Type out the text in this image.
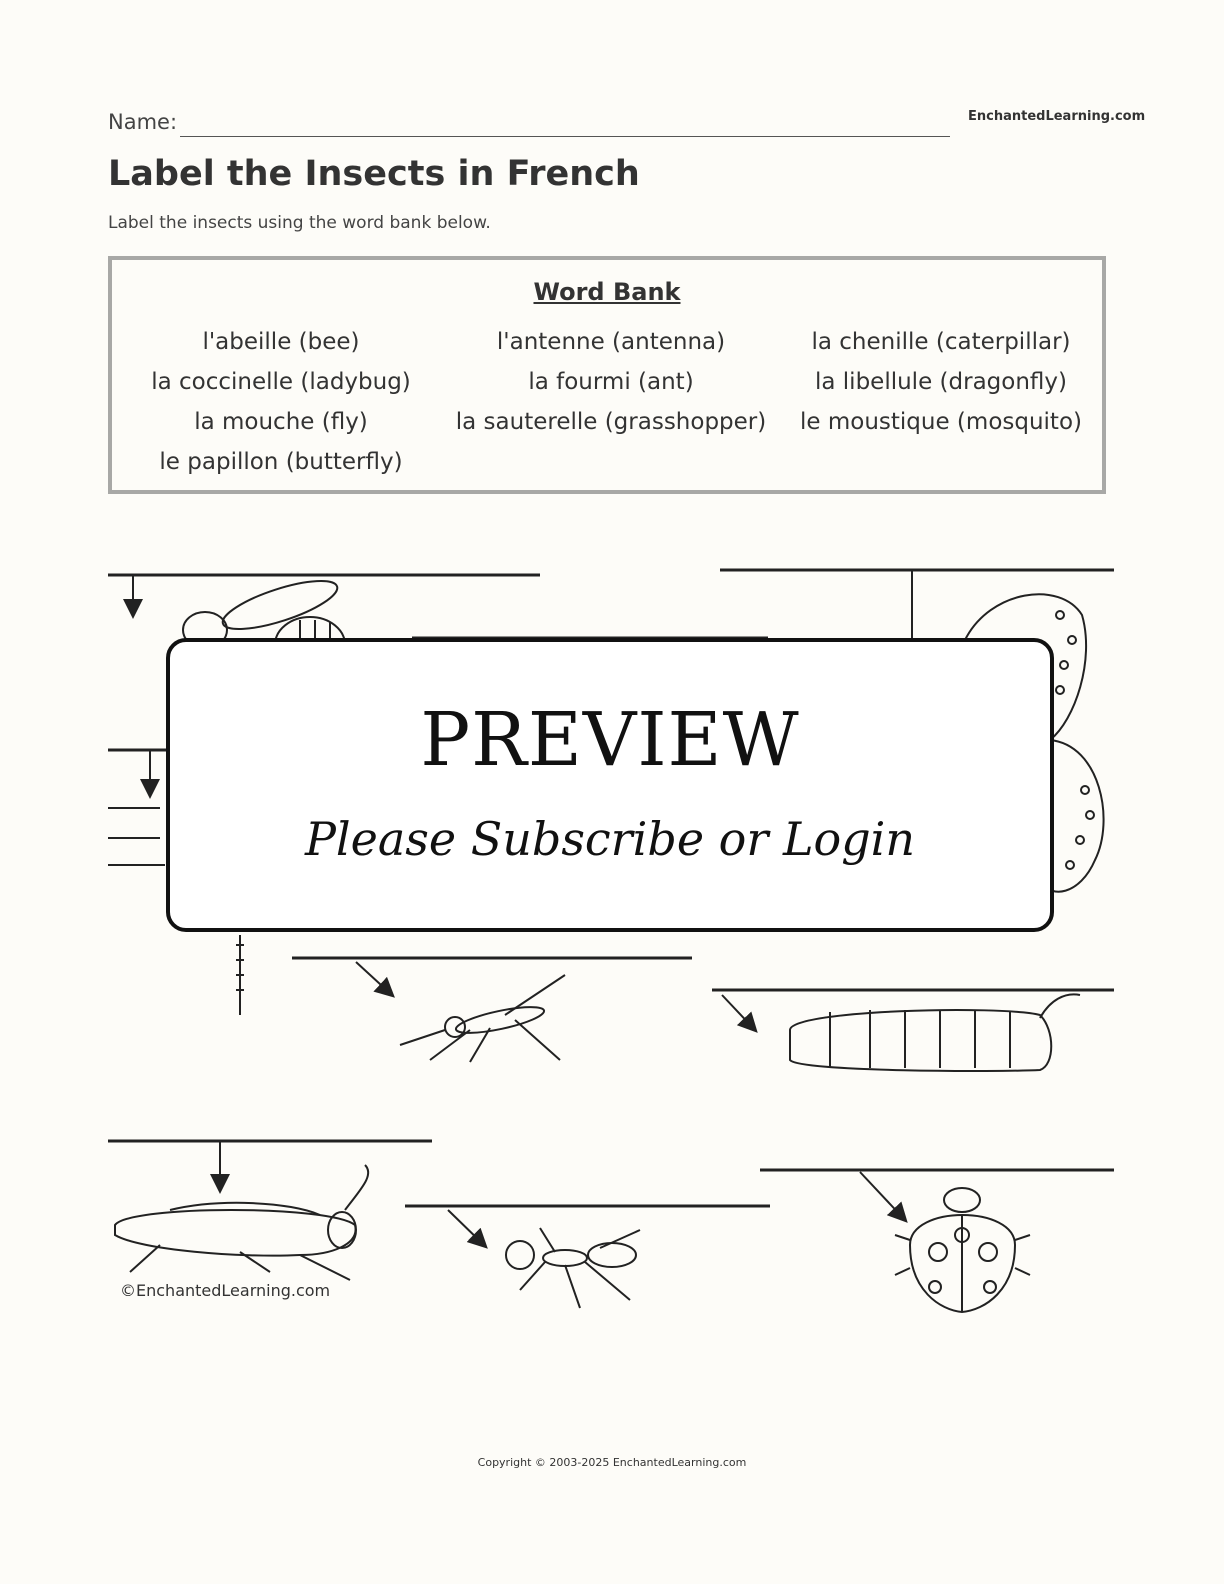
Name:	EnchantedLearning.com
Label the Insects in French
Label the insects using the word bank below.
Word Bank
l'abeille (bee)
la coccinelle (ladybug)
la mouche (fly)
le papillon (butterfly)
l'antenne (antenna)
la fourmi (ant)
la sauterelle (grasshopper)
la chenille (caterpillar)
la libellule (dragonfly)
le moustique (mosquito)
PREVIEW
Please Subscribe or Login
©EnchantedLearning.com
Copyright © 2003-2025 EnchantedLearning.com
